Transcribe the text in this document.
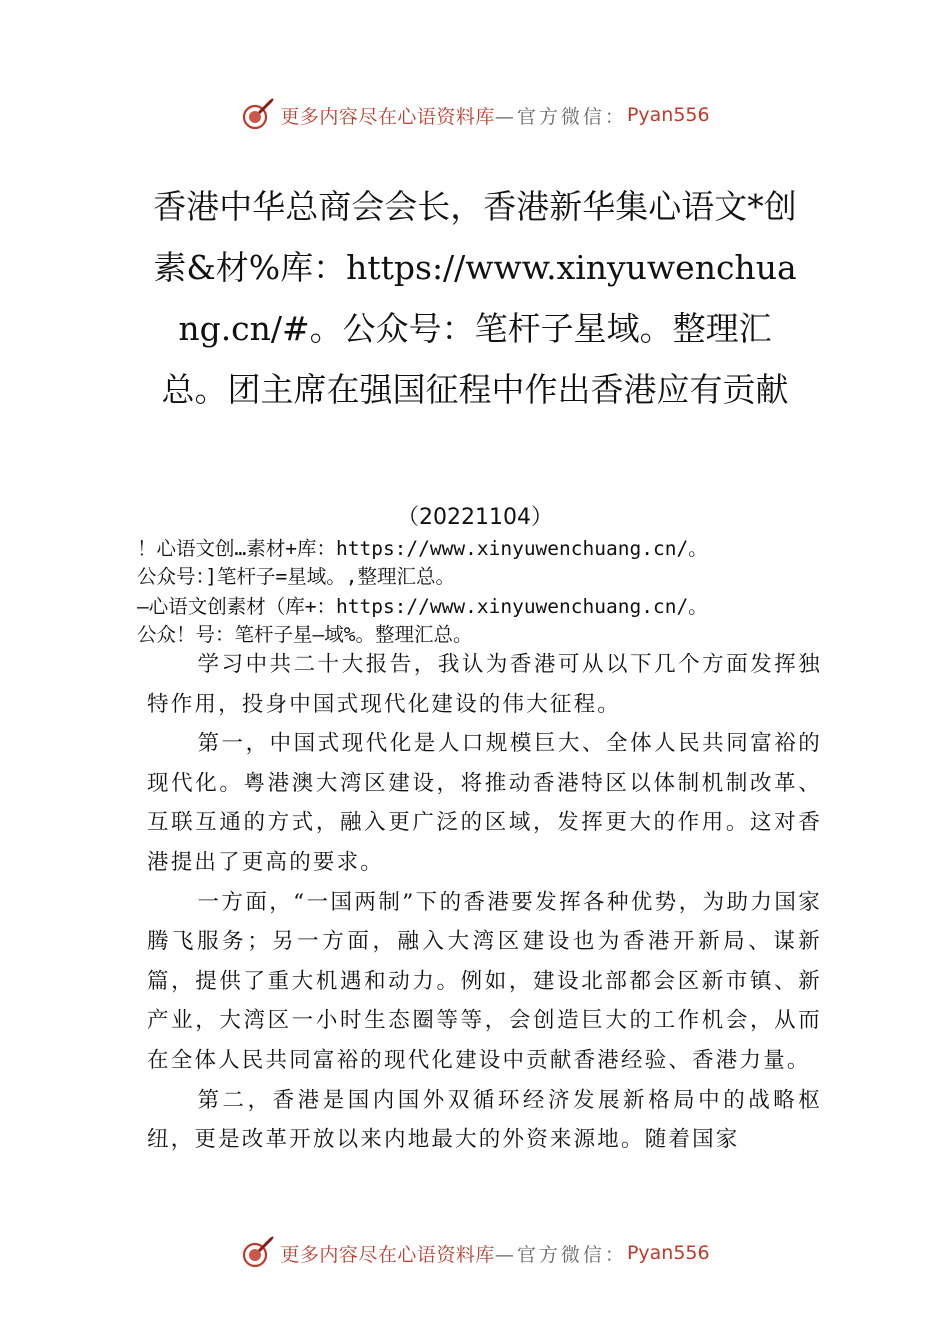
更多内容尽在心语资料库 —官方微信： Pyan556
香港中华总商会会长，香港新华集心语文*创素&材%库：https://www.xinyuwenchuang.cn/#。公众号：笔杆子星域。整理汇总。团主席在强国征程中作出香港应有贡献
（20221104）
！心语文创…素材+库：https://www.xinyuwenchuang.cn/。
公众号：]笔杆子=星域。,整理汇总。
—心语文创素材（库+：https://www.xinyuwenchuang.cn/。
公众！号：笔杆子星—域%。整理汇总。

学习中共二十大报告，我认为香港可从以下几个方面发挥独特作用，投身中国式现代化建设的伟大征程。

第一，中国式现代化是人口规模巨大、全体人民共同富裕的现代化。粤港澳大湾区建设，将推动香港特区以体制机制改革、互联互通的方式，融入更广泛的区域，发挥更大的作用。这对香港提出了更高的要求。

一方面，“一国两制”下的香港要发挥各种优势，为助力国家腾飞服务；另一方面，融入大湾区建设也为香港开新局、谋新篇，提供了重大机遇和动力。例如，建设北部都会区新市镇、新产业，大湾区一小时生态圈等等，会创造巨大的工作机会，从而在全体人民共同富裕的现代化建设中贡献香港经验、香港力量。

第二，香港是国内国外双循环经济发展新格局中的战略枢纽，更是改革开放以来内地最大的外资来源地。随着国家

更多内容尽在心语资料库 —官方微信： Pyan556
